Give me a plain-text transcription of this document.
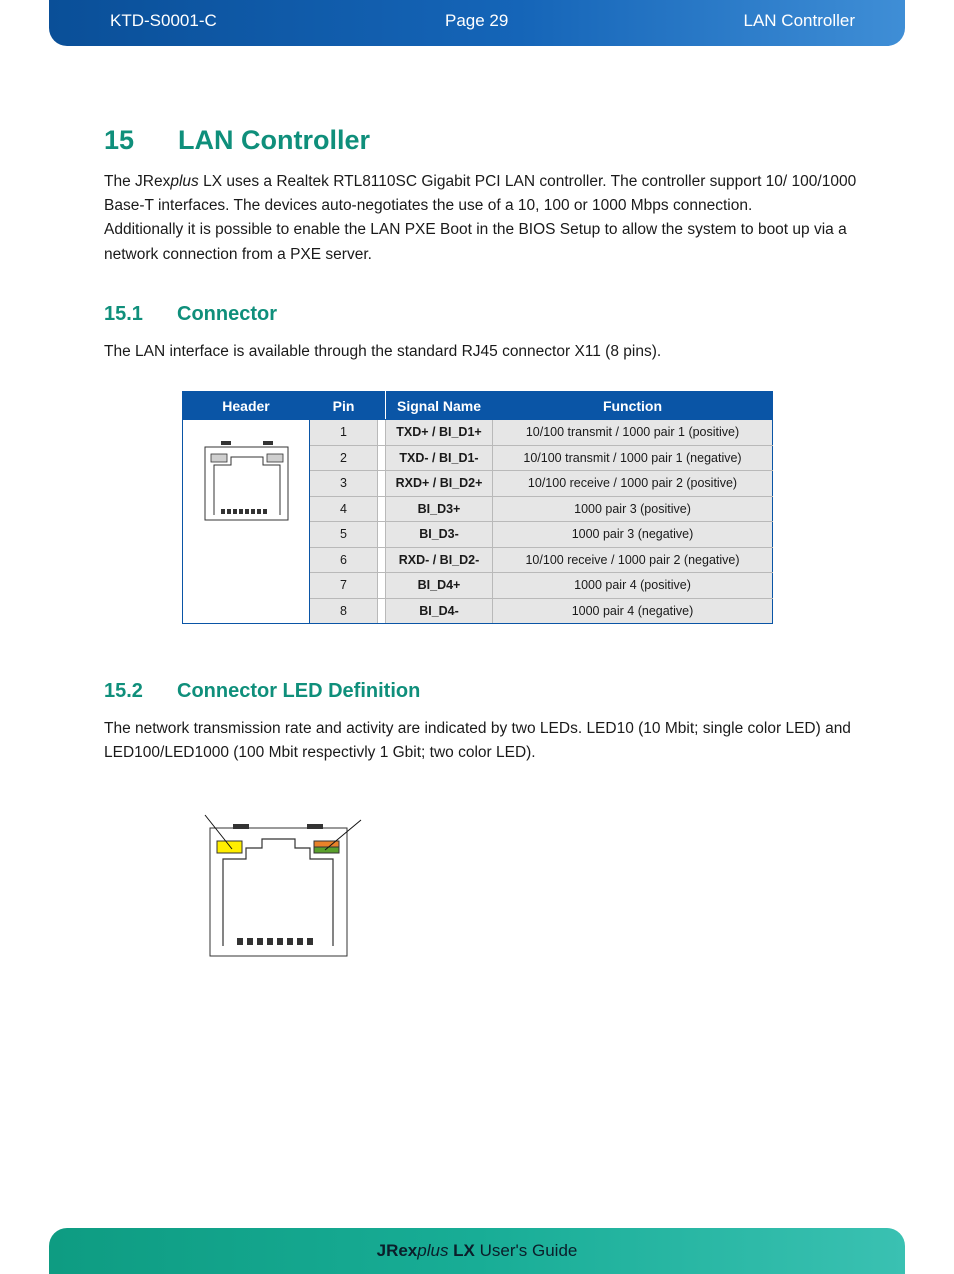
KTD-S0001-C	Page 29	LAN Controller
15 LAN Controller
The JRexplus LX uses a Realtek RTL8110SC Gigabit PCI LAN controller. The controller support 10/ 100/1000 Base-T interfaces. The devices auto-negotiates the use of a 10, 100 or 1000 Mbps connection.
Additionally it is possible to enable the LAN PXE Boot in the BIOS Setup to allow the system to boot up via a network connection from a PXE server.
15.1 Connector
The LAN interface is available through the standard RJ45 connector X11 (8 pins).
Header	Pin		Signal Name	Function
	1		TXD+ / BI_D1+	10/100 transmit / 1000 pair 1 (positive)
	2		TXD- / BI_D1-	10/100 transmit / 1000 pair 1 (negative)
	3		RXD+ / BI_D2+	10/100 receive / 1000 pair 2 (positive)
	4		BI_D3+	1000 pair 3 (positive)
	5		BI_D3-	1000 pair 3 (negative)
	6		RXD- / BI_D2-	10/100 receive / 1000 pair 2 (negative)
	7		BI_D4+	1000 pair 4 (positive)
	8		BI_D4-	1000 pair 4 (negative)
15.2 Connector LED Definition
The network transmission rate and activity are indicated by two LEDs. LED10 (10 Mbit; single color LED) and LED100/LED1000 (100 Mbit respectivly 1 Gbit; two color LED).
JRexplus LX User's Guide
